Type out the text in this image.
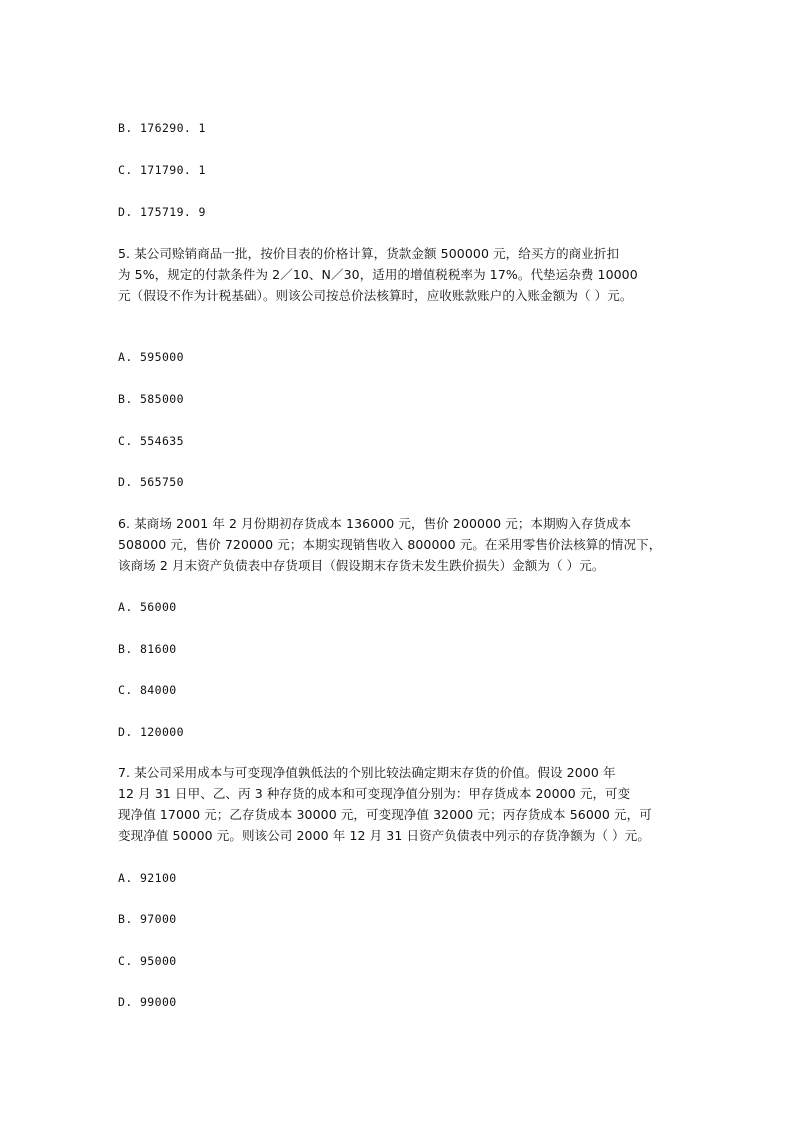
B. 176290. 1

C. 171790. 1

D. 175719. 9

5. 某公司赊销商品一批，按价目表的价格计算，货款金额 500000 元，给买方的商业折扣

为 5%，规定的付款条件为 2／10、N／30，适用的增值税税率为 17%。代垫运杂费 10000

元（假设不作为计税基础）。则该公司按总价法核算时，应收账款账户的入账金额为（ ）元。

A. 595000

B. 585000

C. 554635

D. 565750

6. 某商场 2001 年 2 月份期初存货成本 136000 元，售价 200000 元；本期购入存货成本

508000 元，售价 720000 元；本期实现销售收入 800000 元。在采用零售价法核算的情况下，

该商场 2 月末资产负债表中存货项目（假设期末存货未发生跌价损失）金额为（ ）元。

A. 56000

B. 81600

C. 84000

D. 120000

7. 某公司采用成本与可变现净值孰低法的个别比较法确定期末存货的价值。假设 2000 年

12 月 31 日甲、乙、丙 3 种存货的成本和可变现净值分别为：甲存货成本 20000 元，可变

现净值 17000 元；乙存货成本 30000 元，可变现净值 32000 元；丙存货成本 56000 元，可

变现净值 50000 元。则该公司 2000 年 12 月 31 日资产负债表中列示的存货净额为（ ）元。

A. 92100

B. 97000

C. 95000

D. 99000
